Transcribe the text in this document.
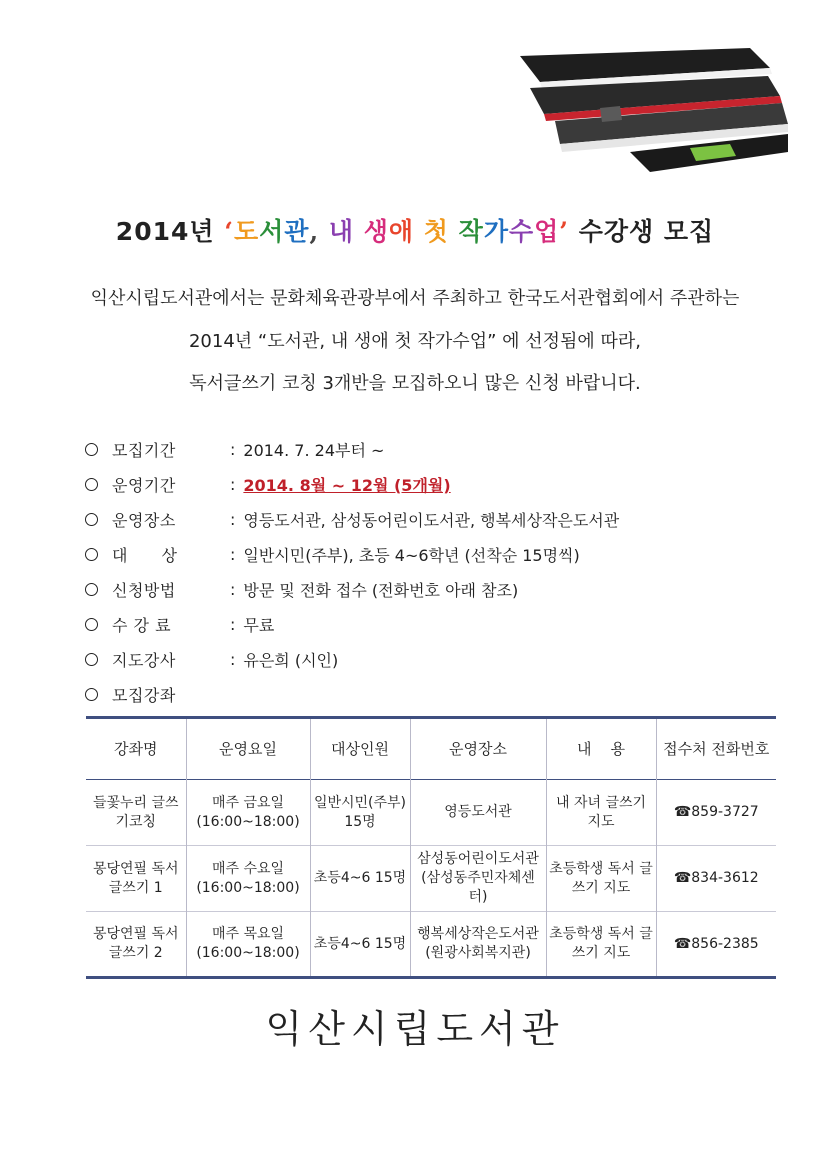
2014년 ‘도서관, 내 생애 첫 작가수업’ 수강생 모집
익산시립도서관에서는 문화체육관광부에서 주최하고 한국도서관협회에서 주관하는
2014년 “도서관, 내 생애 첫 작가수업” 에 선정됨에 따라,
독서글쓰기 코칭 3개반을 모집하오니 많은 신청 바랍니다.
모집기간	: 2014. 7. 24부터 ~
운영기간	: 2014. 8월 ~ 12월 (5개월)
운영장소	: 영등도서관, 삼성동어린이도서관, 행복세상작은도서관
대      상	: 일반시민(주부), 초등 4~6학년 (선착순 15명씩)
신청방법	: 방문 및 전화 접수 (전화번호 아래 참조)
수 강 료	: 무료
지도강사	: 유은희 (시인)
모집강좌
강좌명	운영요일	대상인원	운영장소	내    용	접수처 전화번호
들꽃누리 글쓰기코칭	매주 금요일 (16:00~18:00)	일반시민(주부) 15명	영등도서관	내 자녀 글쓰기 지도	☎859-3727
몽당연필 독서글쓰기 1	매주 수요일 (16:00~18:00)	초등4~6 15명	삼성동어린이도서관 (삼성동주민자체센터)	초등학생 독서 글쓰기 지도	☎834-3612
몽당연필 독서글쓰기 2	매주 목요일 (16:00~18:00)	초등4~6 15명	행복세상작은도서관 (원광사회복지관)	초등학생 독서 글쓰기 지도	☎856-2385
익산시립도서관
